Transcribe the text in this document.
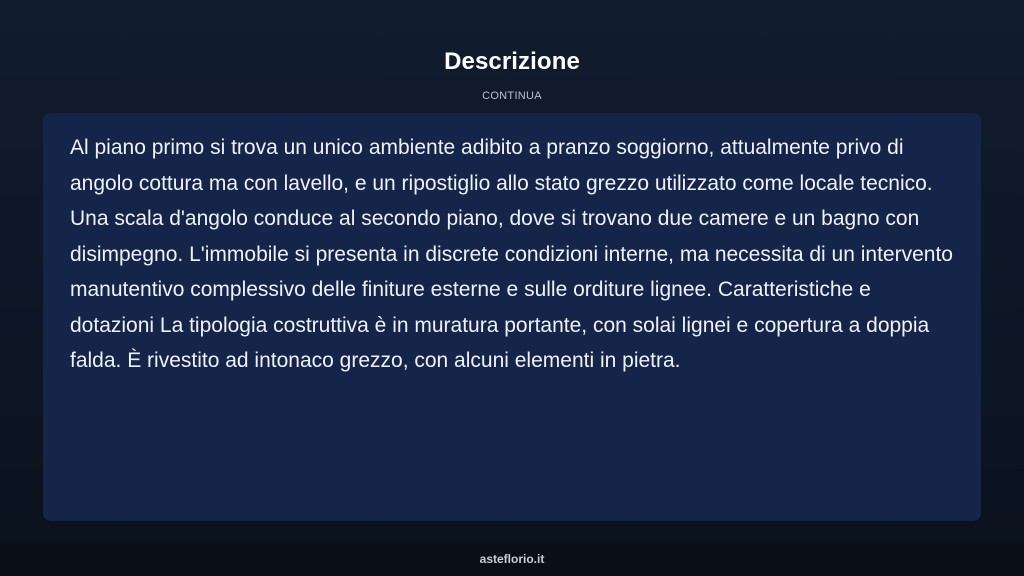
Descrizione
CONTINUA

Al piano primo si trova un unico ambiente adibito a pranzo soggiorno, attualmente privo di angolo cottura ma con lavello, e un ripostiglio allo stato grezzo utilizzato come locale tecnico. Una scala d'angolo conduce al secondo piano, dove si trovano due camere e un bagno con disimpegno. L'immobile si presenta in discrete condizioni interne, ma necessita di un intervento manutentivo complessivo delle finiture esterne e sulle orditure lignee. Caratteristiche e dotazioni La tipologia costruttiva è in muratura portante, con solai lignei e copertura a doppia falda. È rivestito ad intonaco grezzo, con alcuni elementi in pietra.

asteflorio.it
